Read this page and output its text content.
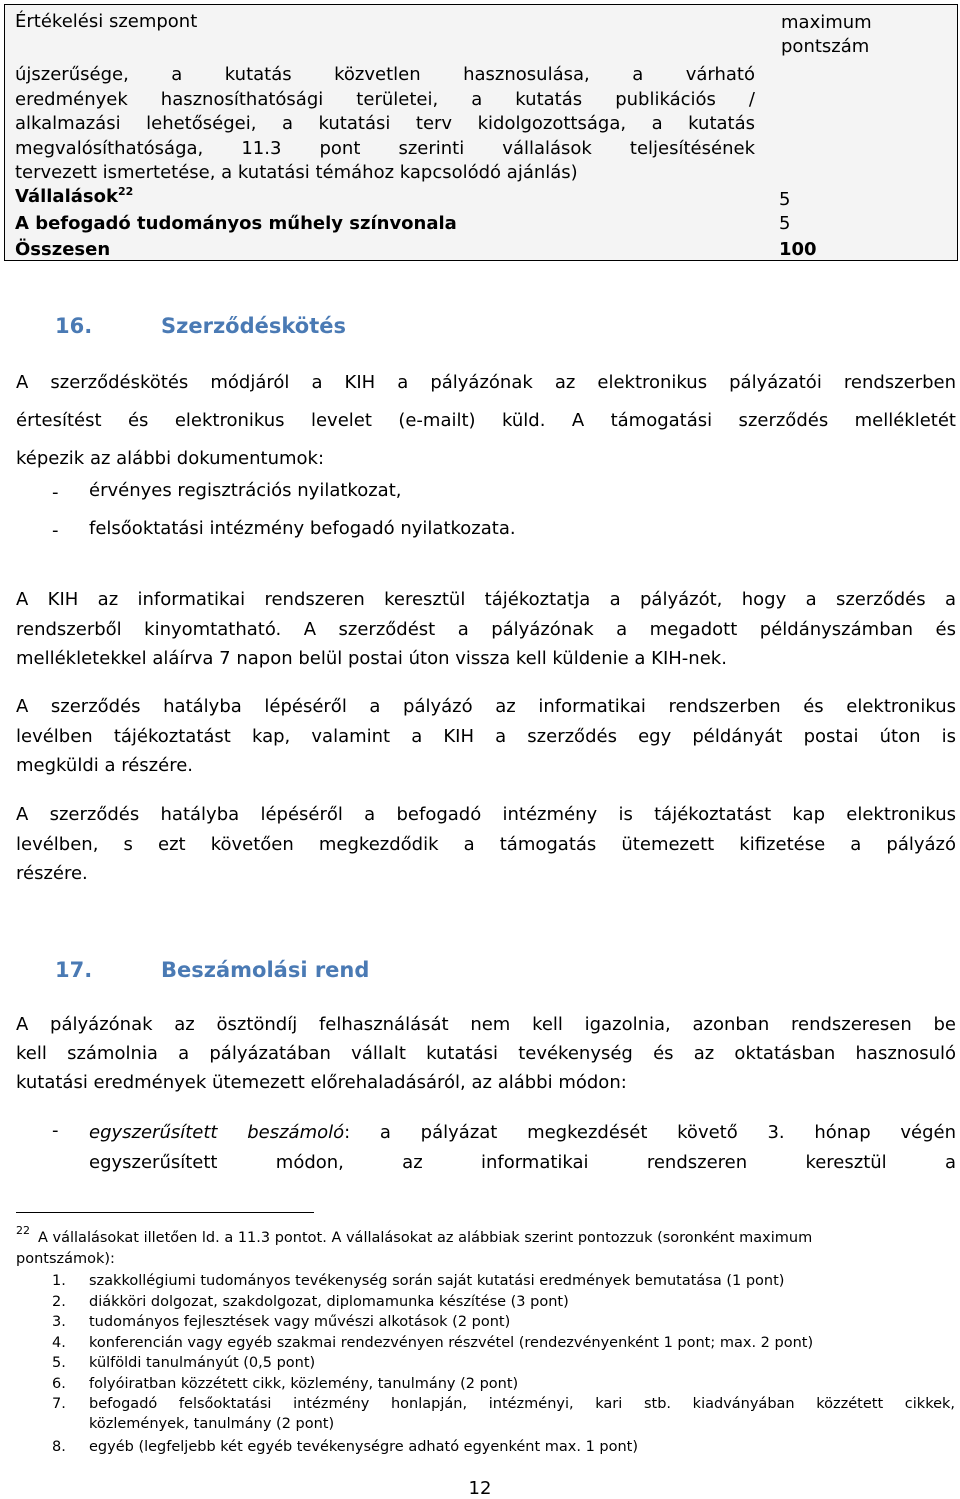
Értékelési szempont	maximum pontszám
újszerűsége, a kutatás közvetlen hasznosulása, a várható
eredmények hasznosíthatósági területei, a kutatás publikációs /
alkalmazási lehetőségei, a kutatási terv kidolgozottsága, a kutatás
megvalósíthatósága, 11.3 pont szerinti vállalások teljesítésének
tervezett ismertetése, a kutatási témához kapcsolódó ajánlás)
Vállalások$^{22}$	5
A befogadó tudományos műhely színvonala	5
Összesen	100
16.	Szerződéskötés
A szerződéskötés módjáról a KIH a pályázónak az elektronikus pályázatói rendszerben
értesítést és elektronikus levelet (e-mailt) küld. A támogatási szerződés mellékletét
képezik az alábbi dokumentumok:
- érvényes regisztrációs nyilatkozat,
- felsőoktatási intézmény befogadó nyilatkozata.
A KIH az informatikai rendszeren keresztül tájékoztatja a pályázót, hogy a szerződés a
rendszerből kinyomtatható. A szerződést a pályázónak a megadott példányszámban és
mellékletekkel aláírva 7 napon belül postai úton vissza kell küldenie a KIH-nek.
A szerződés hatályba lépéséről a pályázó az informatikai rendszerben és elektronikus
levélben tájékoztatást kap, valamint a KIH a szerződés egy példányát postai úton is
megküldi a részére.
A szerződés hatályba lépéséről a befogadó intézmény is tájékoztatást kap elektronikus
levélben, s ezt követően megkezdődik a támogatás ütemezett kifizetése a pályázó
részére.
17.	Beszámolási rend
A pályázónak az ösztöndíj felhasználását nem kell igazolnia, azonban rendszeresen be
kell számolnia a pályázatában vállalt kutatási tevékenység és az oktatásban hasznosuló
kutatási eredmények ütemezett előrehaladásáról, az alábbi módon:
- egyszerűsített beszámoló: a pályázat megkezdését követő 3. hónap végén
egyszerűsített módon, az informatikai rendszeren keresztül a
22 A vállalásokat illetően ld. a 11.3 pontot. A vállalásokat az alábbiak szerint pontozzuk (soronként maximum
pontszámok):
1. szakkollégiumi tudományos tevékenység során saját kutatási eredmények bemutatása (1 pont)
2. diákköri dolgozat, szakdolgozat, diplomamunka készítése (3 pont)
3. tudományos fejlesztések vagy művészi alkotások (2 pont)
4. konferencián vagy egyéb szakmai rendezvényen részvétel (rendezvényenként 1 pont; max. 2 pont)
5. külföldi tanulmányút (0,5 pont)
6. folyóiratban közzétett cikk, közlemény, tanulmány (2 pont)
7. befogadó felsőoktatási intézmény honlapján, intézményi, kari stb. kiadványában közzétett cikkek,
közlemények, tanulmány (2 pont)
8. egyéb (legfeljebb két egyéb tevékenységre adható egyenként max. 1 pont)
12
